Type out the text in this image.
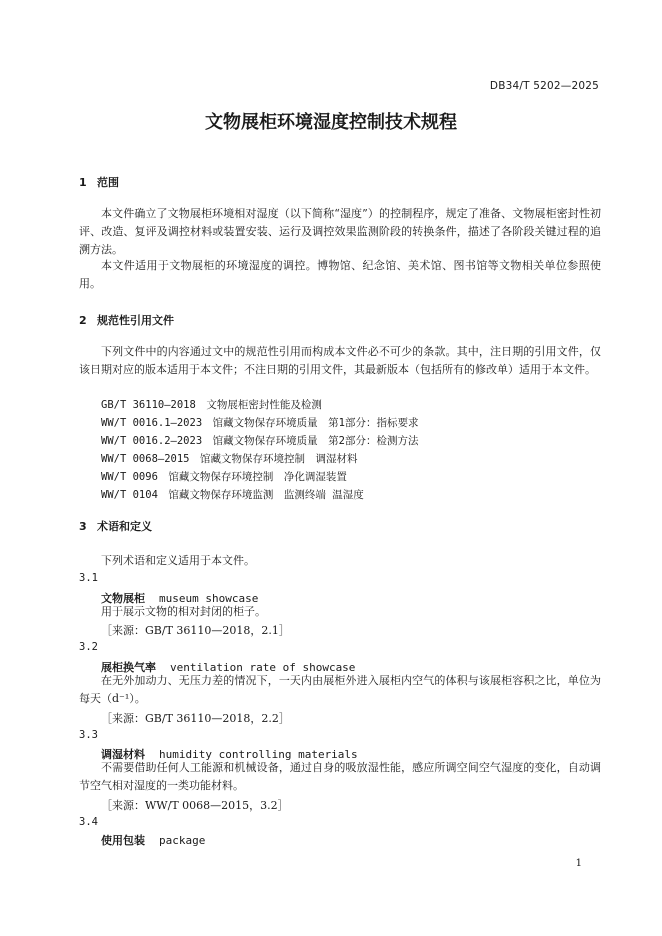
DB34/T 5202—2025
文物展柜环境湿度控制技术规程
1 范围
本文件确立了文物展柜环境相对湿度（以下简称“湿度”）的控制程序，规定了准备、文物展柜密封性初评、改造、复评及调控材料或装置安装、运行及调控效果监测阶段的转换条件，描述了各阶段关键过程的追溯方法。
本文件适用于文物展柜的环境湿度的调控。博物馆、纪念馆、美术馆、图书馆等文物相关单位参照使用。
2 规范性引用文件
下列文件中的内容通过文中的规范性引用而构成本文件必不可少的条款。其中，注日期的引用文件，仅该日期对应的版本适用于本文件；不注日期的引用文件，其最新版本（包括所有的修改单）适用于本文件。
GB/T 36110—2018　文物展柜密封性能及检测
WW/T 0016.1—2023　馆藏文物保存环境质量　第1部分：指标要求
WW/T 0016.2—2023　馆藏文物保存环境质量　第2部分：检测方法
WW/T 0068—2015　馆藏文物保存环境控制　调湿材料
WW/T 0096　馆藏文物保存环境控制　净化调湿装置
WW/T 0104　馆藏文物保存环境监测　监测终端 温湿度
3 术语和定义
下列术语和定义适用于本文件。
3.1
文物展柜 museum showcase
用于展示文物的相对封闭的柜子。
［来源：GB/T 36110—2018，2.1］
3.2
展柜换气率 ventilation rate of showcase
在无外加动力、无压力差的情况下，一天内由展柜外进入展柜内空气的体积与该展柜容积之比，单位为每天（d⁻¹）。
［来源：GB/T 36110—2018，2.2］
3.3
调湿材料 humidity controlling materials
不需要借助任何人工能源和机械设备，通过自身的吸放湿性能，感应所调空间空气湿度的变化，自动调节空气相对湿度的一类功能材料。
［来源：WW/T 0068—2015，3.2］
3.4
使用包装 package
1
